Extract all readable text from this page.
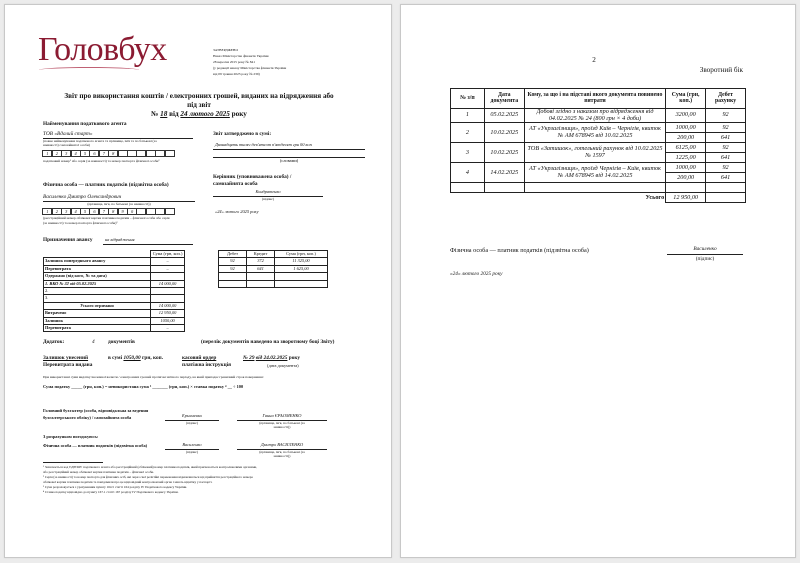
Головбух	ЗАТВЕРДЖЕНО
Наказ Міністерства фінансів України
28 вересня 2015 року № 841
(у редакції наказу Міністерства фінансів України
від 09 травня 2023 року № 239)
Звіт про використання коштів / електронних грошей, виданих на відрядження або
під звіт
№ 18 від 24 лютого 2025 року
Найменування податкового агента
ТОВ «Вдалий старт»
(повне найменування податкового агента та прізвище, ім'я та по батькові (за
наявності) самозайнятої особи)
1	2	3	4	5	6	7	8
податковий номер¹ або серія (за наявності) та номер паспорта фізичної особи²
Звіт затверджено в сумі:
Дванадцять тисяч дев'ятсот п'ятдесят грн 00 коп
(словами)
Фізична особа — платник податків (підзвітна особа)
Василенко Дмитро Олександрович
(прізвище, ім'я, по батькові (за наявності))
1	2	3	4	5	6	7	8	9	0
(реєстраційний номер облікової картки платника податків – фізичної особи або серія
(за наявності) та номер паспорта фізичної особи)²
Керівник (уповноважена особа) /
самозайнята особа
Кондратенко
(підпис)
«24» лютого 2025 року
Призначення авансу	на відрядження
	Сума (грн, коп.)
Залишок попереднього авансу	–
Перевитрата	–
Одержано (від кого, № та дата)	
1. ВКО № 32 від 05.02.2025	14 000,00
2.	
3.	
Усього отримано	14 000,00
Витрачено	12 950,00
Залишок	1050,00
Перевитрата	–
Дебет	Кредит	Сума (грн, коп.)
92	372	11 325,00
92	641	1 625,00

Додаток:	4	документів	(перелік документів наведено на зворотному боці Звіту)
Залишок унесений
Перевитрата видана
в сумі 1050,00 грн, коп.	касовий ордер
платіжна інструкція
№ 29 від 24.02.2025 року
(дата документа)
При використанні суми видатку іноземної валюти / електронних грошей протягом звітного періоду, на який припадає граничний строк повернення:
Сума податку _____ (грн, коп.) = невикористана сума ³ _______ (грн, коп.) × ставка податку ⁴ __ ÷ 100
Головний бухгалтер (особа, відповідальна за ведення
бухгалтерського обліку) / самозайнята особа	Ерьоменко
(підпис)
Ганна ЄРЬОМЕНКО
(прізвище, ім'я, по батькові (за
наявності))
З розрахунком погоджуюсь:
Фізична особа — платник податків (підзвітна особа)	Василенко
(підпис)
Дмитро ВАСИЛЕНКО
(прізвище, ім'я, по батькові (за
наявності))
¹ Зазначається код ЄДРПОУ податкового агента або реєстраційний (обліковий) номер платника податків, який присвоюється контролюючими органами,
або реєстраційний номер облікової картки платника податків – фізичної особи.
² Серія (за наявності) та номер паспорта для фізичних осіб, які через свої релігійні переконання відмовляються від прийняття реєстраційного номера
облікової картки платника податків та повідомили про це відповідний контролюючий орган і мають відмітку у паспорті.
³ Сума розраховується з урахуванням пункту 164.5 статті 164 розділу IV Податкового кодексу України.
⁴ Ставка податку відповідно до пункту 167.1 статті 167 розділу IV Податкового кодексу України.
2
Зворотний бік
№ з/п	Дата документа	Кому, за що і на підставі якого документа повинено витрати	Сума (грн, коп.)	Дебет рахунку
1	05.02.2025	Добові згідно з наказом про відрядження від 04.02.2025 № 24 (800 грн × 4 доби)	3200,00	92
2	10.02.2025	АТ «Укрзалізниця», проїзд Київ – Чернігів, квиток № АМ 678945 від 10.02.2025	1000,00	92
			200,00	641
3	10.02.2025	ТОВ «Затишок», готельний рахунок від 10.02.2025 № 1597	6125,00	92
			1225,00	641
4	14.02.2025	АТ «Укрзалізниця», проїзд Чернігів – Київ, квиток № АМ 678945 від 14.02.2025	1000,00	92
			200,00	641

		Усього	12 950,00	
Фізична особа — платник податків (підзвітна особа)	Василенко
(підпис)
«24» лютого 2025 року
